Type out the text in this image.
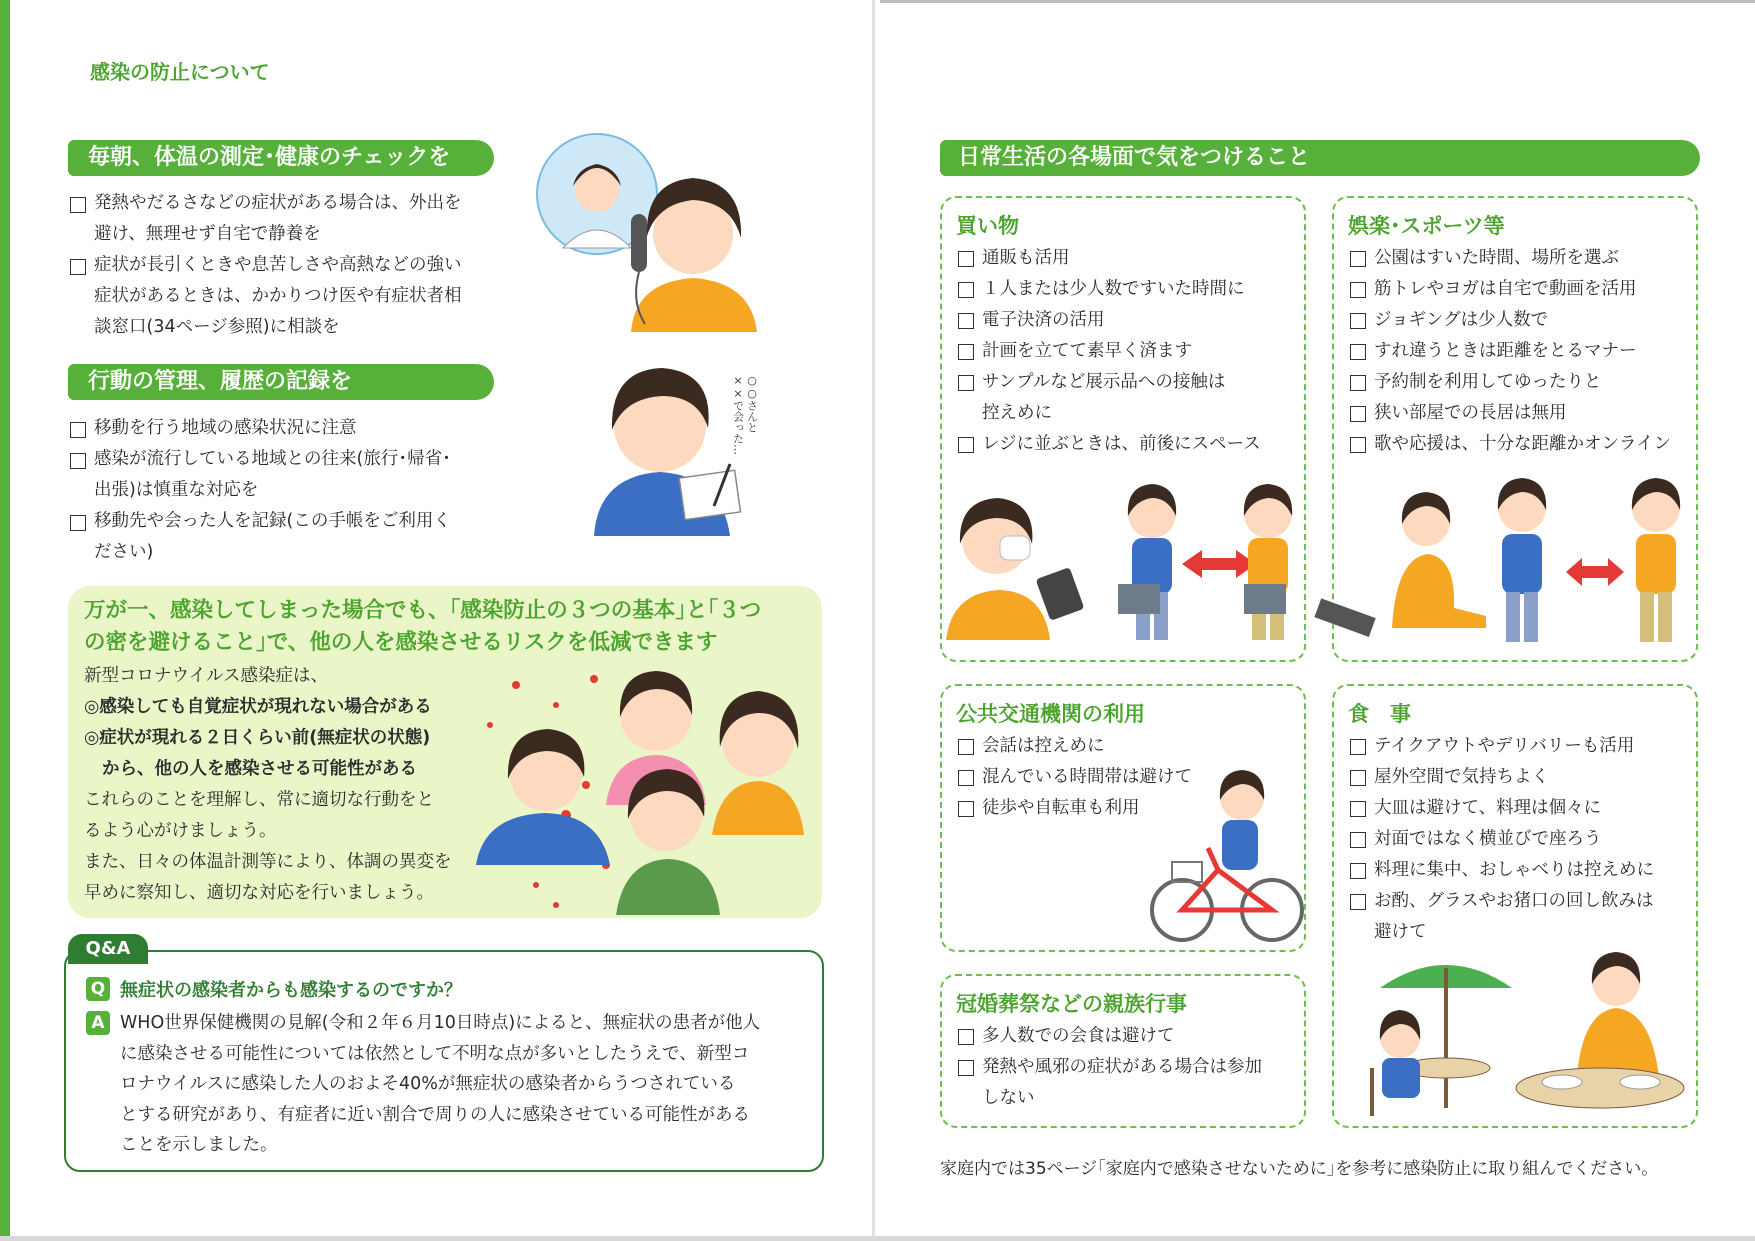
感染の防止について
毎朝、体温の測定･健康のチェックを
発熱やだるさなどの症状がある場合は、外出を
避け、無理せず自宅で静養を
症状が長引くときや息苦しさや高熱などの強い
症状があるときは、かかりつけ医や有症状者相
談窓口(34ページ参照)に相談を
行動の管理、履歴の記録を
移動を行う地域の感染状況に注意
感染が流行している地域との往来(旅行･帰省･
出張)は慎重な対応を
移動先や会った人を記録(この手帳をご利用く
ださい)
○○さんと
××で会った…
万が一、感染してしまった場合でも、｢感染防止の３つの基本｣と｢３つ
の密を避けること｣で、他の人を感染させるリスクを低減できます
新型コロナウイルス感染症は、
◎感染しても自覚症状が現れない場合がある
◎症状が現れる２日くらい前(無症状の状態)
から、他の人を感染させる可能性がある
これらのことを理解し、常に適切な行動をと
るよう心がけましょう。
また、日々の体温計測等により、体調の異変を
早めに察知し、適切な対応を行いましょう。
Q&A
Q 無症状の感染者からも感染するのですか？
A WHO世界保健機関の見解(令和２年６月10日時点)によると、無症状の患者が他人
に感染させる可能性については依然として不明な点が多いとしたうえで、新型コ
ロナウイルスに感染した人のおよそ40%が無症状の感染者からうつされている
とする研究があり、有症者に近い割合で周りの人に感染させている可能性がある
ことを示しました。
日常生活の各場面で気をつけること
買い物
通販も活用
１人または少人数ですいた時間に
電子決済の活用
計画を立てて素早く済ます
サンプルなど展示品への接触は
控えめに
レジに並ぶときは、前後にスペース
娯楽･スポーツ等
公園はすいた時間、場所を選ぶ
筋トレやヨガは自宅で動画を活用
ジョギングは少人数で
すれ違うときは距離をとるマナー
予約制を利用してゆったりと
狭い部屋での長居は無用
歌や応援は、十分な距離かオンライン
公共交通機関の利用
会話は控えめに
混んでいる時間帯は避けて
徒歩や自転車も利用
食　事
テイクアウトやデリバリーも活用
屋外空間で気持ちよく
大皿は避けて、料理は個々に
対面ではなく横並びで座ろう
料理に集中、おしゃべりは控えめに
お酌、グラスやお猪口の回し飲みは
避けて
冠婚葬祭などの親族行事
多人数での会食は避けて
発熱や風邪の症状がある場合は参加
しない
家庭内では35ページ｢家庭内で感染させないために｣を参考に感染防止に取り組んでください。
